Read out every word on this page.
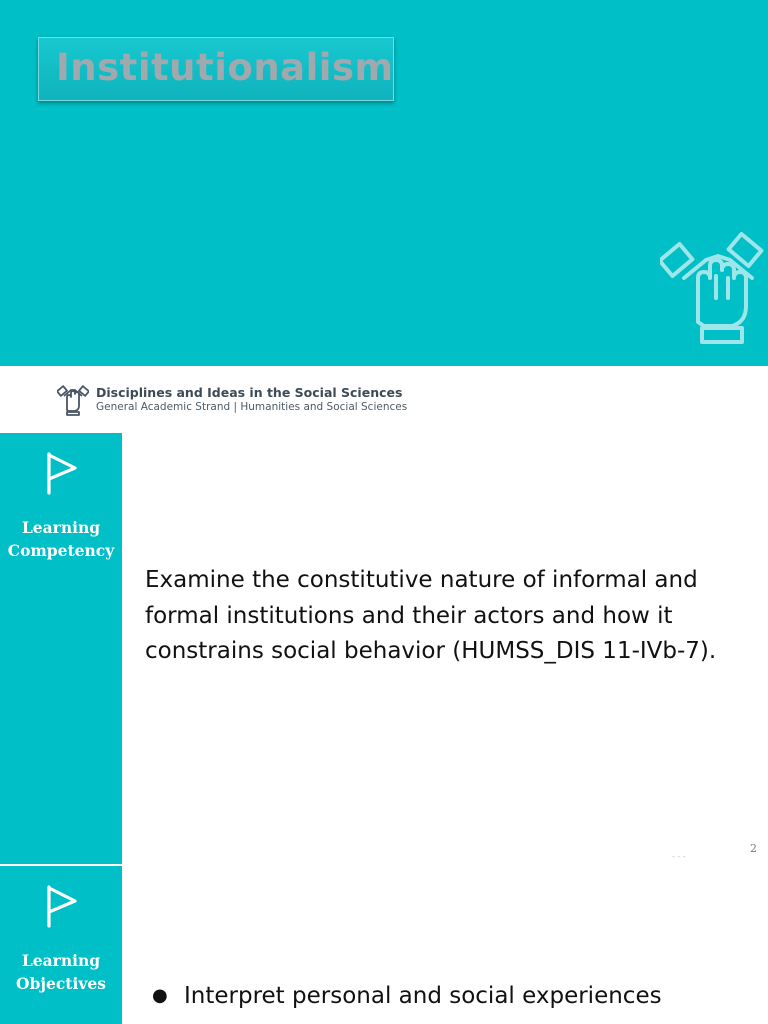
Institutionalism
Disciplines and Ideas in the Social Sciences
General Academic Strand | Humanities and Social Sciences
Learning
Competency
Examine the constitutive nature of informal and formal institutions and their actors and how it constrains social behavior (HUMSS_DIS 11-IVb-7).
- - -
2
Learning
Objectives
● Interpret personal and social experiences
